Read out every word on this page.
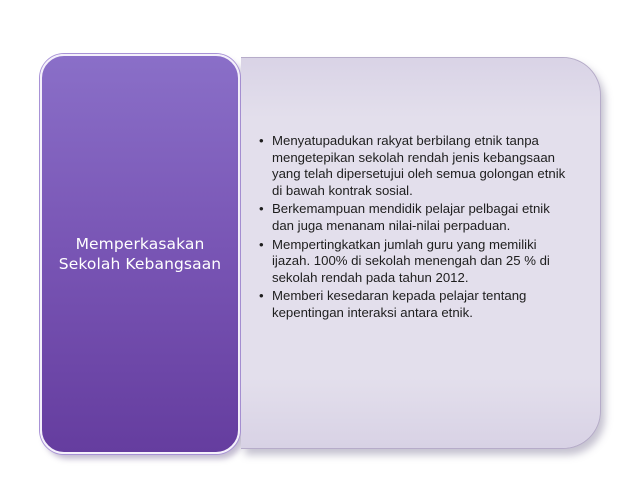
Memperkasakan
Sekolah Kebangsaan
• Menyatupadukan rakyat berbilang etnik tanpa mengetepikan sekolah rendah jenis kebangsaan yang telah dipersetujui oleh semua golongan etnik di bawah kontrak sosial.
• Berkemampuan mendidik pelajar pelbagai etnik dan juga menanam nilai-nilai perpaduan.
• Mempertingkatkan jumlah guru yang memiliki ijazah. 100% di sekolah menengah dan 25 % di sekolah rendah pada tahun 2012.
• Memberi kesedaran kepada pelajar tentang kepentingan interaksi antara etnik.
